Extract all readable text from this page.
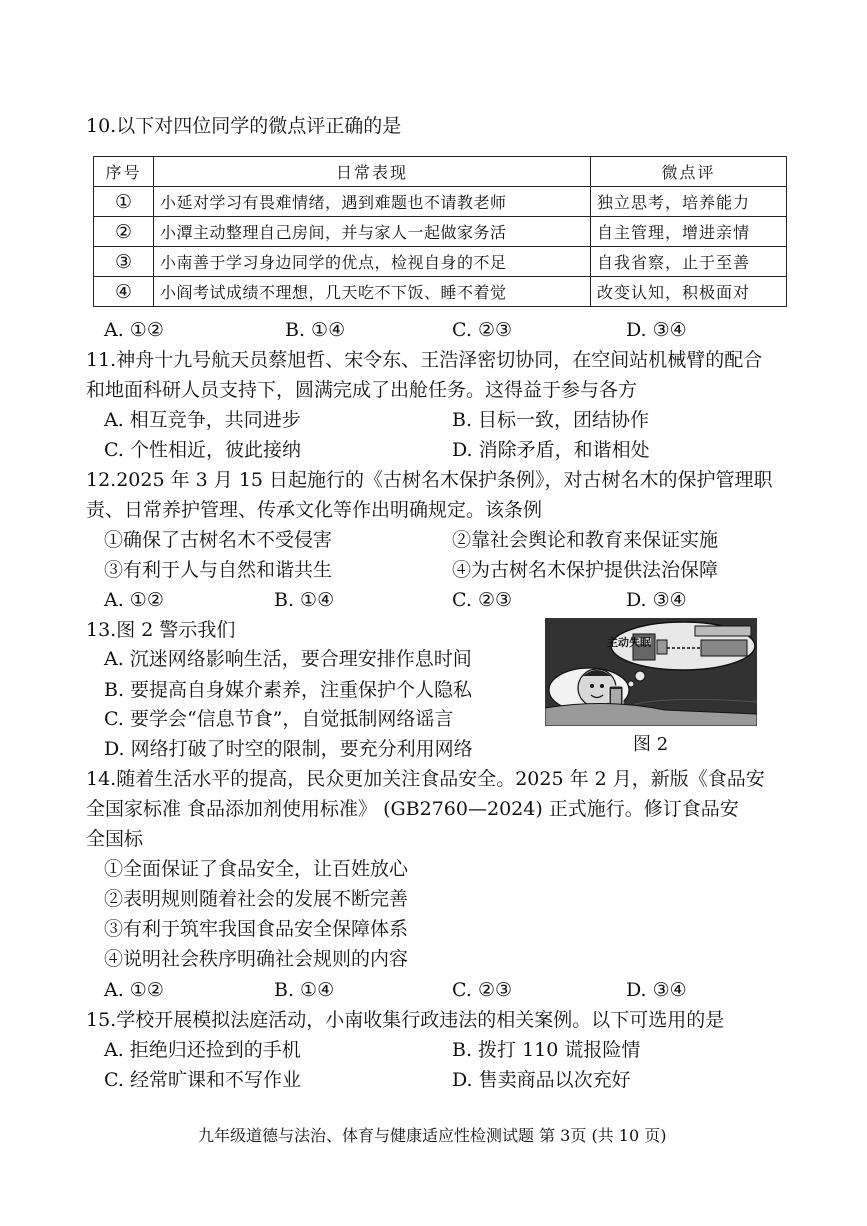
10.以下对四位同学的微点评正确的是
序号	日常表现	微点评
①	小延对学习有畏难情绪，遇到难题也不请教老师	独立思考，培养能力
②	小潭主动整理自己房间，并与家人一起做家务活	自主管理，增进亲情
③	小南善于学习身边同学的优点，检视自身的不足	自我省察，止于至善
④	小阎考试成绩不理想，几天吃不下饭、睡不着觉	改变认知，积极面对
A. ①②	B. ①④	C. ②③	D. ③④
11.神舟十九号航天员蔡旭哲、宋令东、王浩泽密切协同，在空间站机械臂的配合
和地面科研人员支持下，圆满完成了出舱任务。这得益于参与各方
A. 相互竞争，共同进步	B. 目标一致，团结协作
C. 个性相近，彼此接纳	D. 消除矛盾，和谐相处
12.2025 年 3 月 15 日起施行的《古树名木保护条例》，对古树名木的保护管理职
责、日常养护管理、传承文化等作出明确规定。该条例
①确保了古树名木不受侵害	②靠社会舆论和教育来保证实施
③有利于人与自然和谐共生	④为古树名木保护提供法治保障
A. ①②	B. ①④	C. ②③	D. ③④
13.图 2 警示我们
A. 沉迷网络影响生活，要合理安排作息时间
B. 要提高自身媒介素养，注重保护个人隐私
C. 要学会“信息节食”，自觉抵制网络谣言
D. 网络打破了时空的限制，要充分利用网络
主动失眠
图 2
14.随着生活水平的提高，民众更加关注食品安全。2025 年 2 月，新版《食品安
全国家标准 食品添加剂使用标准》 (GB2760—2024) 正式施行。修订食品安
全国标
①全面保证了食品安全，让百姓放心
②表明规则随着社会的发展不断完善
③有利于筑牢我国食品安全保障体系
④说明社会秩序明确社会规则的内容
A. ①②	B. ①④	C. ②③	D. ③④
15.学校开展模拟法庭活动，小南收集行政违法的相关案例。以下可选用的是
A. 拒绝归还捡到的手机	B. 拨打 110 谎报险情
C. 经常旷课和不写作业	D. 售卖商品以次充好
九年级道德与法治、体育与健康适应性检测试题 第 3页 (共 10 页)
